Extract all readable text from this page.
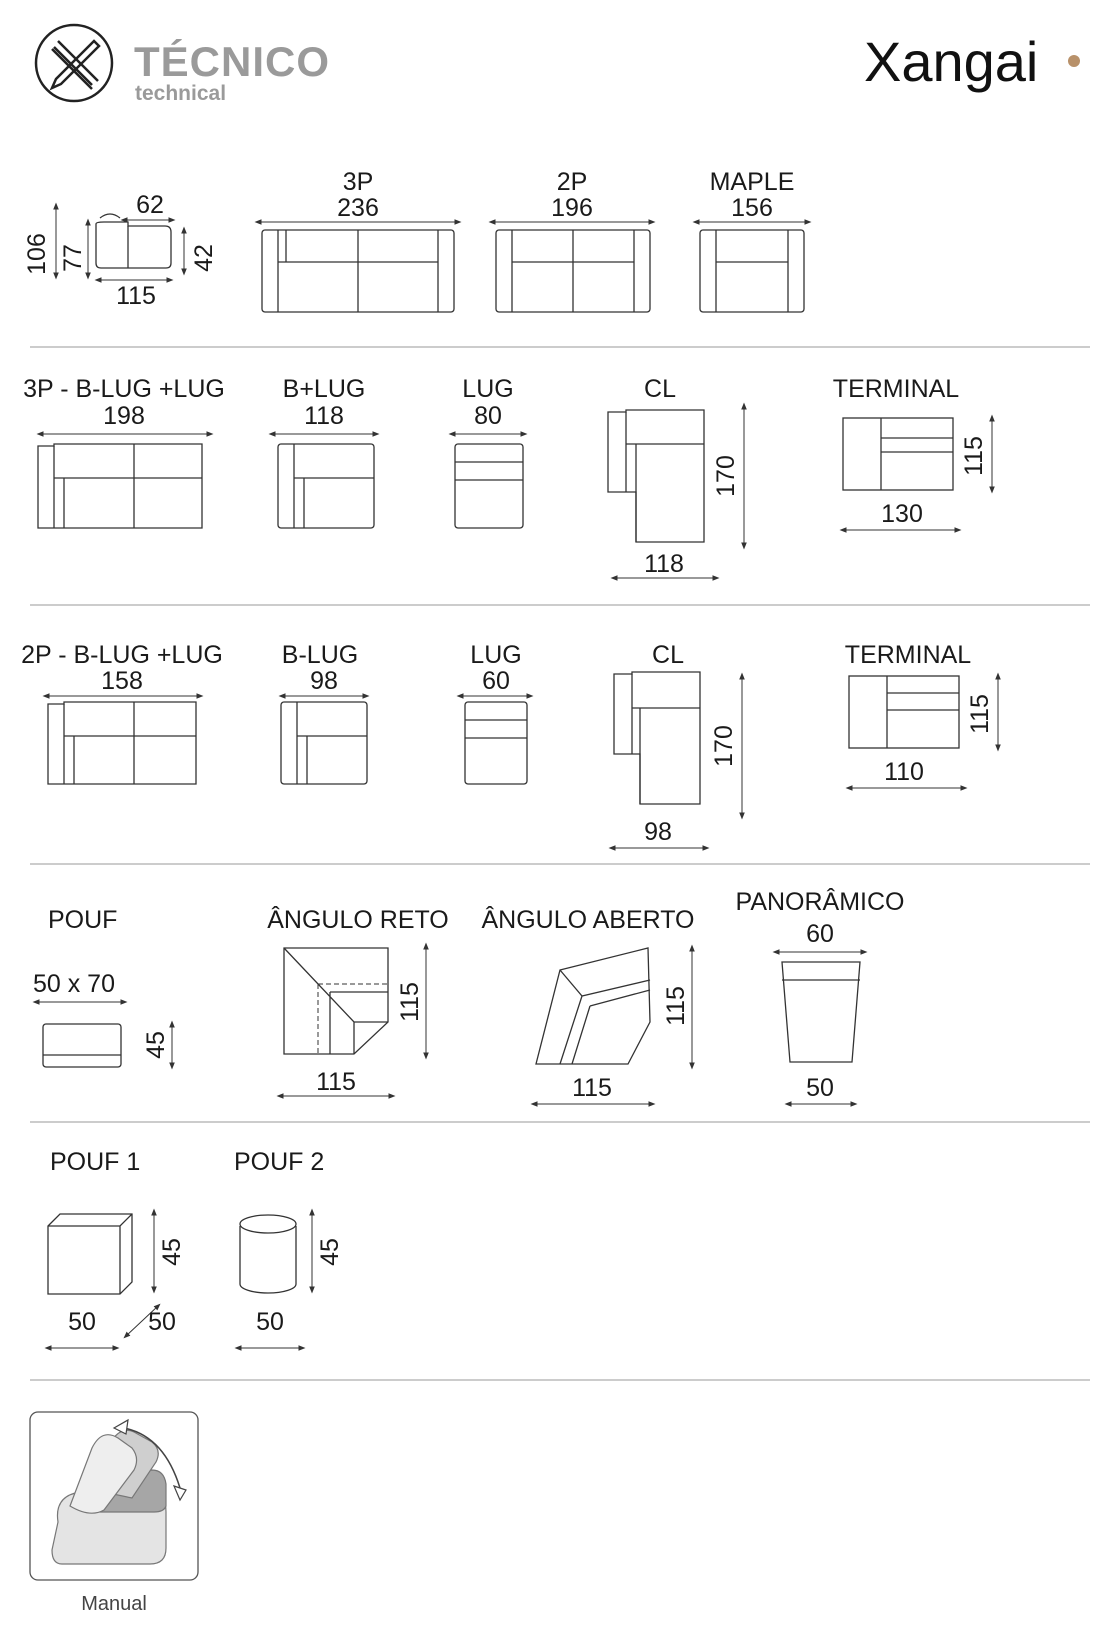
TÉCNICO
technical
Xangai
106 77
62
42
115
3P
236
2P
196
MAPLE
156
3P - B-LUG +LUG
198
B+LUG
118
LUG
80
CL
170
118
TERMINAL
115
130
2P - B-LUG +LUG
158
B-LUG
98
LUG
60
CL
170
98
TERMINAL
115
110
POUF
50 x 70
45
ÂNGULO RETO
115
115
ÂNGULO ABERTO
115
115
PANORÂMICO
60
50
POUF 1
45
50 50
POUF 2
45
50
Manual
